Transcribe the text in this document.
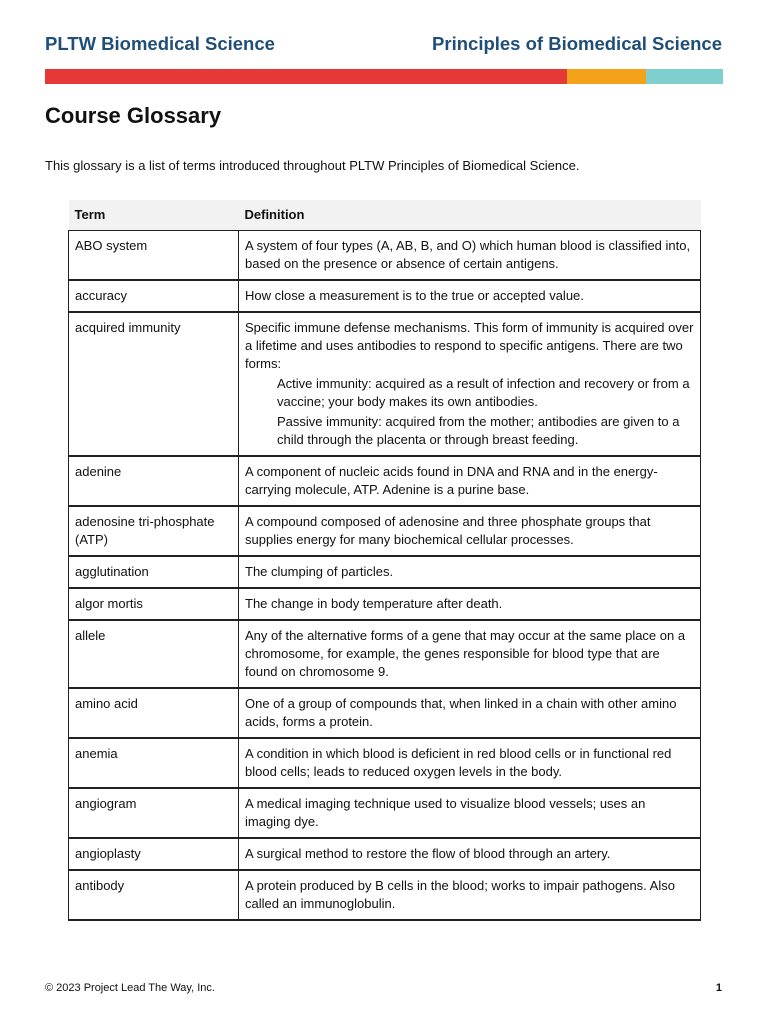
PLTW Biomedical Science	Principles of Biomedical Science
Course Glossary
This glossary is a list of terms introduced throughout PLTW Principles of Biomedical Science.
Term	Definition
ABO system	A system of four types (A, AB, B, and O) which human blood is classified into, based on the presence or absence of certain antigens.

accuracy	How close a measurement is to the true or accepted value.

acquired immunity	Specific immune defense mechanisms. This form of immunity is acquired over a lifetime and uses antibodies to respond to specific antigens. There are two forms:
Active immunity: acquired as a result of infection and recovery or from a vaccine; your body makes its own antibodies.
Passive immunity: acquired from the mother; antibodies are given to a child through the placenta or through breast feeding.

adenine	A component of nucleic acids found in DNA and RNA and in the energy-carrying molecule, ATP. Adenine is a purine base.

adenosine tri-phosphate (ATP)	A compound composed of adenosine and three phosphate groups that supplies energy for many biochemical cellular processes.

agglutination	The clumping of particles.

algor mortis	The change in body temperature after death.

allele	Any of the alternative forms of a gene that may occur at the same place on a chromosome, for example, the genes responsible for blood type that are found on chromosome 9.

amino acid	One of a group of compounds that, when linked in a chain with other amino acids, forms a protein.

anemia	A condition in which blood is deficient in red blood cells or in functional red blood cells; leads to reduced oxygen levels in the body.

angiogram	A medical imaging technique used to visualize blood vessels; uses an imaging dye.

angioplasty	A surgical method to restore the flow of blood through an artery.

antibody	A protein produced by B cells in the blood; works to impair pathogens. Also called an immunoglobulin.
© 2023 Project Lead The Way, Inc.	1
